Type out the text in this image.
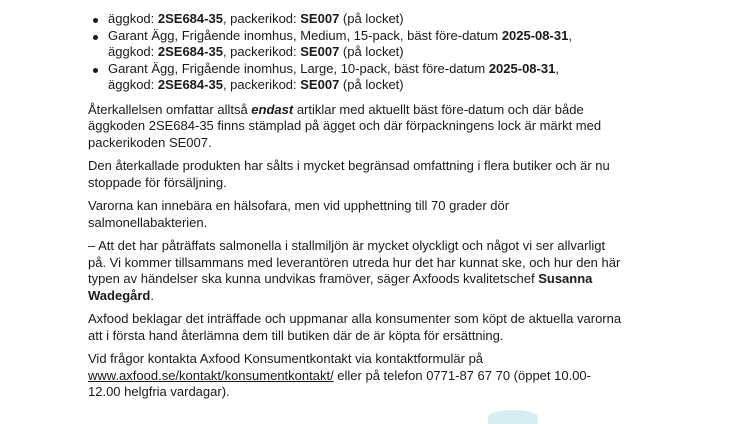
äggkod: 2SE684-35, packerikod: SE007 (på locket)
Garant Ägg, Frigående inomhus, Medium, 15-pack, bäst före-datum 2025-08-31,
äggkod: 2SE684-35, packerikod: SE007 (på locket)
Garant Ägg, Frigående inomhus, Large, 10-pack, bäst före-datum 2025-08-31,
äggkod: 2SE684-35, packerikod: SE007 (på locket)

Återkallelsen omfattar alltså endast artiklar med aktuellt bäst före-datum och där både
äggkoden 2SE684-35 finns stämplad på ägget och där förpackningens lock är märkt med
packerikoden SE007.

Den återkallade produkten har sålts i mycket begränsad omfattning i flera butiker och är nu
stoppade för försäljning.

Varorna kan innebära en hälsofara, men vid upphettning till 70 grader dör
salmonellabakterien.

– Att det har påträffats salmonella i stallmiljön är mycket olyckligt och något vi ser allvarligt
på. Vi kommer tillsammans med leverantören utreda hur det har kunnat ske, och hur den här
typen av händelser ska kunna undvikas framöver, säger Axfoods kvalitetschef Susanna
Wadegård.

Axfood beklagar det inträffade och uppmanar alla konsumenter som köpt de aktuella varorna
att i första hand återlämna dem till butiken där de är köpta för ersättning.

Vid frågor kontakta Axfood Konsumentkontakt via kontaktformulär på
www.axfood.se/kontakt/konsumentkontakt/ eller på telefon 0771-87 67 70 (öppet 10.00-
12.00 helgfria vardagar).
